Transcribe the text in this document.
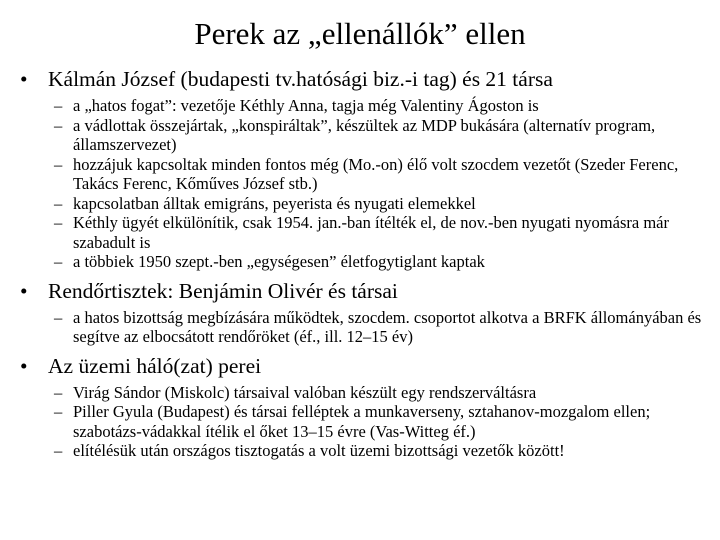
Perek az „ellenállók” ellen
• Kálmán József (budapesti tv.hatósági biz.-i tag) és 21 társa
– a „hatos fogat”: vezetője Kéthly Anna, tagja még Valentiny Ágoston is
– a vádlottak összejártak, „konspiráltak”, készültek az MDP bukására (alternatív program, államszervezet)
– hozzájuk kapcsoltak minden fontos még (Mo.-on) élő volt szocdem vezetőt (Szeder Ferenc, Takács Ferenc, Kőműves József stb.)
– kapcsolatban álltak emigráns, peyerista és nyugati elemekkel
– Kéthly ügyét elkülönítik, csak 1954. jan.-ban ítélték el, de nov.-ben nyugati nyomásra már szabadult is
– a többiek 1950 szept.-ben „egységesen” életfogytiglant kaptak
• Rendőrtisztek: Benjámin Olivér és társai
– a hatos bizottság megbízására működtek, szocdem. csoportot alkotva a BRFK állományában és segítve az elbocsátott rendőröket (éf., ill. 12–15 év)
• Az üzemi háló(zat) perei
– Virág Sándor (Miskolc) társaival valóban készült egy rendszerváltásra
– Piller Gyula (Budapest) és társai felléptek a munkaverseny, sztahanov-mozgalom ellen; szabotázs-vádakkal ítélik el őket 13–15 évre (Vas-Witteg éf.)
– elítélésük után országos tisztogatás a volt üzemi bizottsági vezetők között!
